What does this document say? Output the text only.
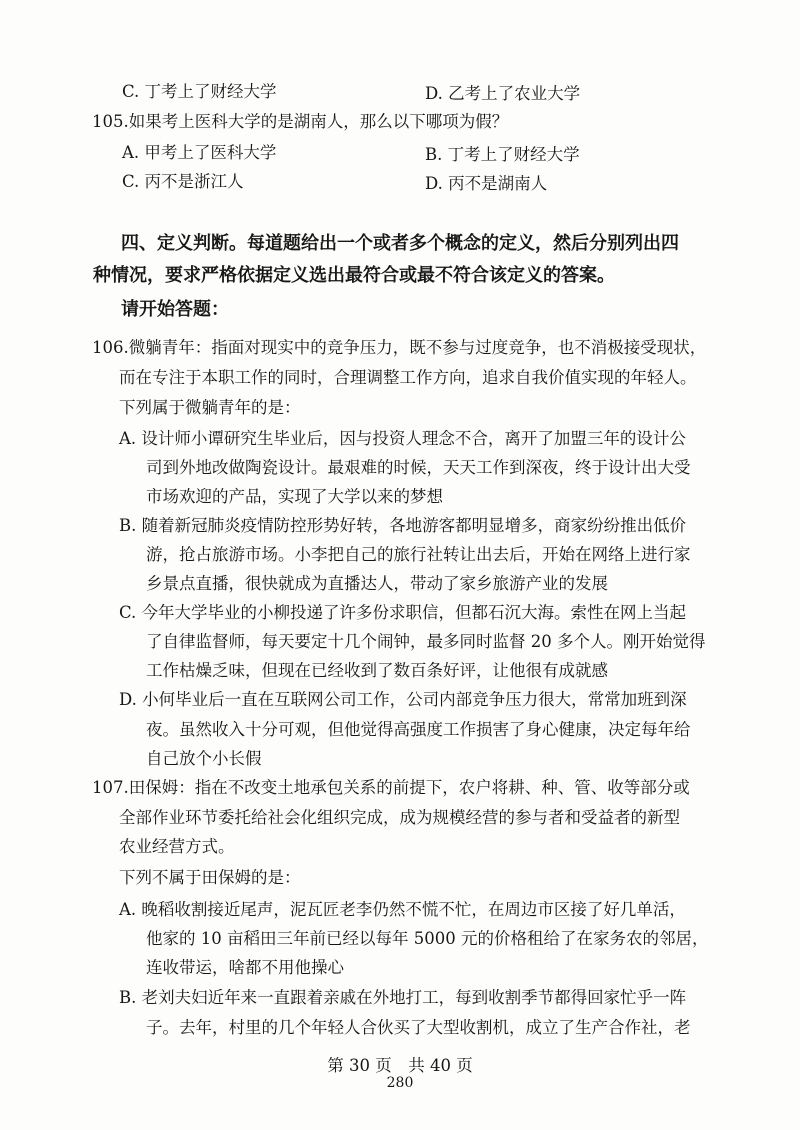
C. 丁考上了财经大学	D. 乙考上了农业大学
105.如果考上医科大学的是湖南人，那么以下哪项为假？
A. 甲考上了医科大学	B. 丁考上了财经大学
C. 丙不是浙江人	D. 丙不是湖南人
四、定义判断。每道题给出一个或者多个概念的定义，然后分别列出四
种情况，要求严格依据定义选出最符合或最不符合该定义的答案。
请开始答题：
106.微躺青年：指面对现实中的竞争压力，既不参与过度竞争，也不消极接受现状，
而在专注于本职工作的同时，合理调整工作方向，追求自我价值实现的年轻人。
下列属于微躺青年的是：
A. 设计师小谭研究生毕业后，因与投资人理念不合，离开了加盟三年的设计公
司到外地改做陶瓷设计。最艰难的时候，天天工作到深夜，终于设计出大受
市场欢迎的产品，实现了大学以来的梦想
B. 随着新冠肺炎疫情防控形势好转，各地游客都明显增多，商家纷纷推出低价
游，抢占旅游市场。小李把自己的旅行社转让出去后，开始在网络上进行家
乡景点直播，很快就成为直播达人，带动了家乡旅游产业的发展
C. 今年大学毕业的小柳投递了许多份求职信，但都石沉大海。索性在网上当起
了自律监督师，每天要定十几个闹钟，最多同时监督 20 多个人。刚开始觉得
工作枯燥乏味，但现在已经收到了数百条好评，让他很有成就感
D. 小何毕业后一直在互联网公司工作，公司内部竞争压力很大，常常加班到深
夜。虽然收入十分可观，但他觉得高强度工作损害了身心健康，决定每年给
自己放个小长假
107.田保姆：指在不改变土地承包关系的前提下，农户将耕、种、管、收等部分或
全部作业环节委托给社会化组织完成，成为规模经营的参与者和受益者的新型
农业经营方式。
下列不属于田保姆的是：
A. 晚稻收割接近尾声，泥瓦匠老李仍然不慌不忙，在周边市区接了好几单活，
他家的 10 亩稻田三年前已经以每年 5000 元的价格租给了在家务农的邻居，
连收带运，啥都不用他操心
B. 老刘夫妇近年来一直跟着亲戚在外地打工，每到收割季节都得回家忙乎一阵
子。去年，村里的几个年轻人合伙买了大型收割机，成立了生产合作社，老
第 30 页　共 40 页
280
